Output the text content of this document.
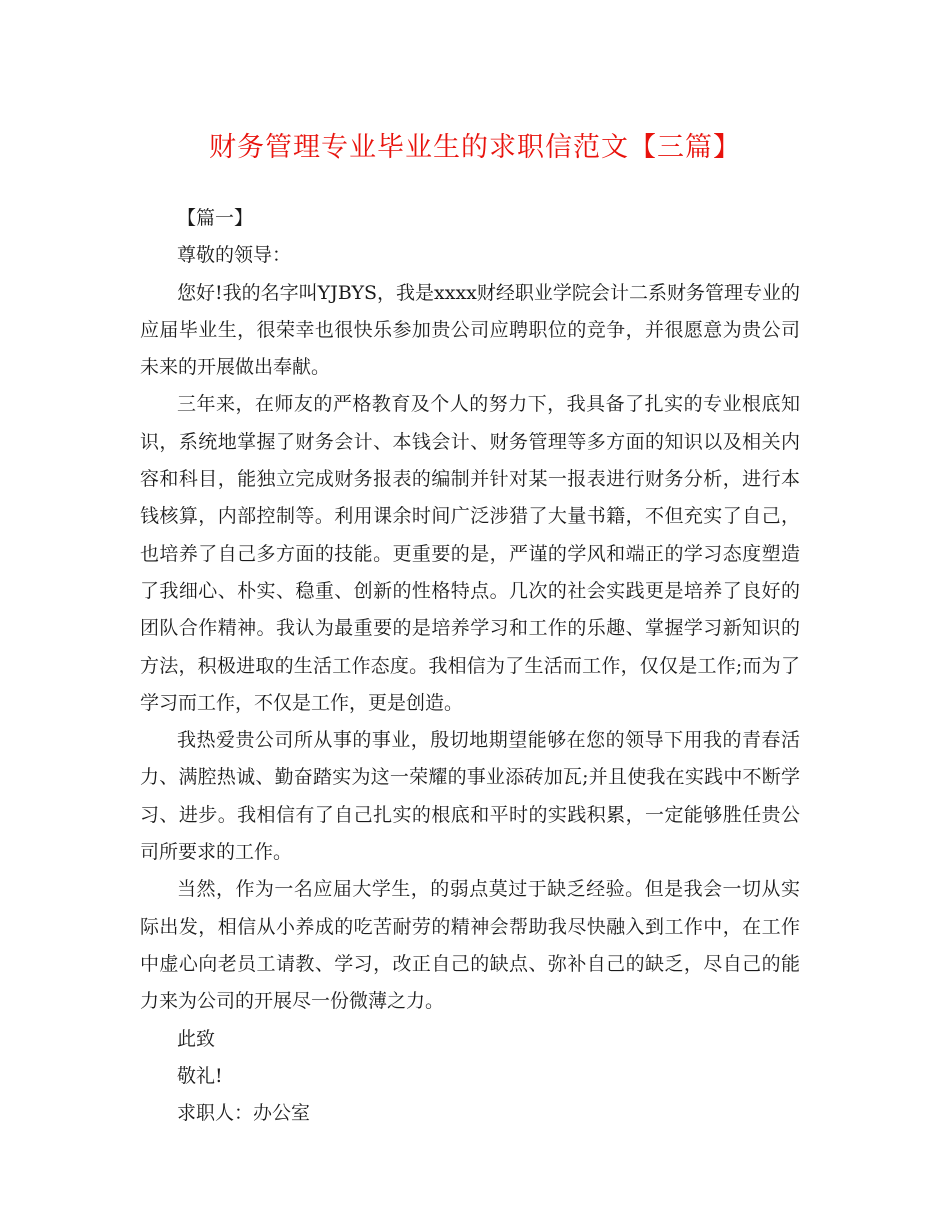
财务管理专业毕业生的求职信范文【三篇】

【篇一】

尊敬的领导：

您好!我的名字叫YJBYS，我是xxxx财经职业学院会计二系财务管理专业的应届毕业生，很荣幸也很快乐参加贵公司应聘职位的竞争，并很愿意为贵公司未来的开展做出奉献。

三年来，在师友的严格教育及个人的努力下，我具备了扎实的专业根底知识，系统地掌握了财务会计、本钱会计、财务管理等多方面的知识以及相关内容和科目，能独立完成财务报表的编制并针对某一报表进行财务分析，进行本钱核算，内部控制等。利用课余时间广泛涉猎了大量书籍，不但充实了自己，也培养了自己多方面的技能。更重要的是，严谨的学风和端正的学习态度塑造了我细心、朴实、稳重、创新的性格特点。几次的社会实践更是培养了良好的团队合作精神。我认为最重要的是培养学习和工作的乐趣、掌握学习新知识的方法，积极进取的生活工作态度。我相信为了生活而工作，仅仅是工作;而为了学习而工作，不仅是工作，更是创造。

我热爱贵公司所从事的事业，殷切地期望能够在您的领导下用我的青春活力、满腔热诚、勤奋踏实为这一荣耀的事业添砖加瓦;并且使我在实践中不断学习、进步。我相信有了自己扎实的根底和平时的实践积累，一定能够胜任贵公司所要求的工作。

当然，作为一名应届大学生，的弱点莫过于缺乏经验。但是我会一切从实际出发，相信从小养成的吃苦耐劳的精神会帮助我尽快融入到工作中，在工作中虚心向老员工请教、学习，改正自己的缺点、弥补自己的缺乏，尽自己的能力来为公司的开展尽一份微薄之力。

此致

敬礼!

求职人：办公室
